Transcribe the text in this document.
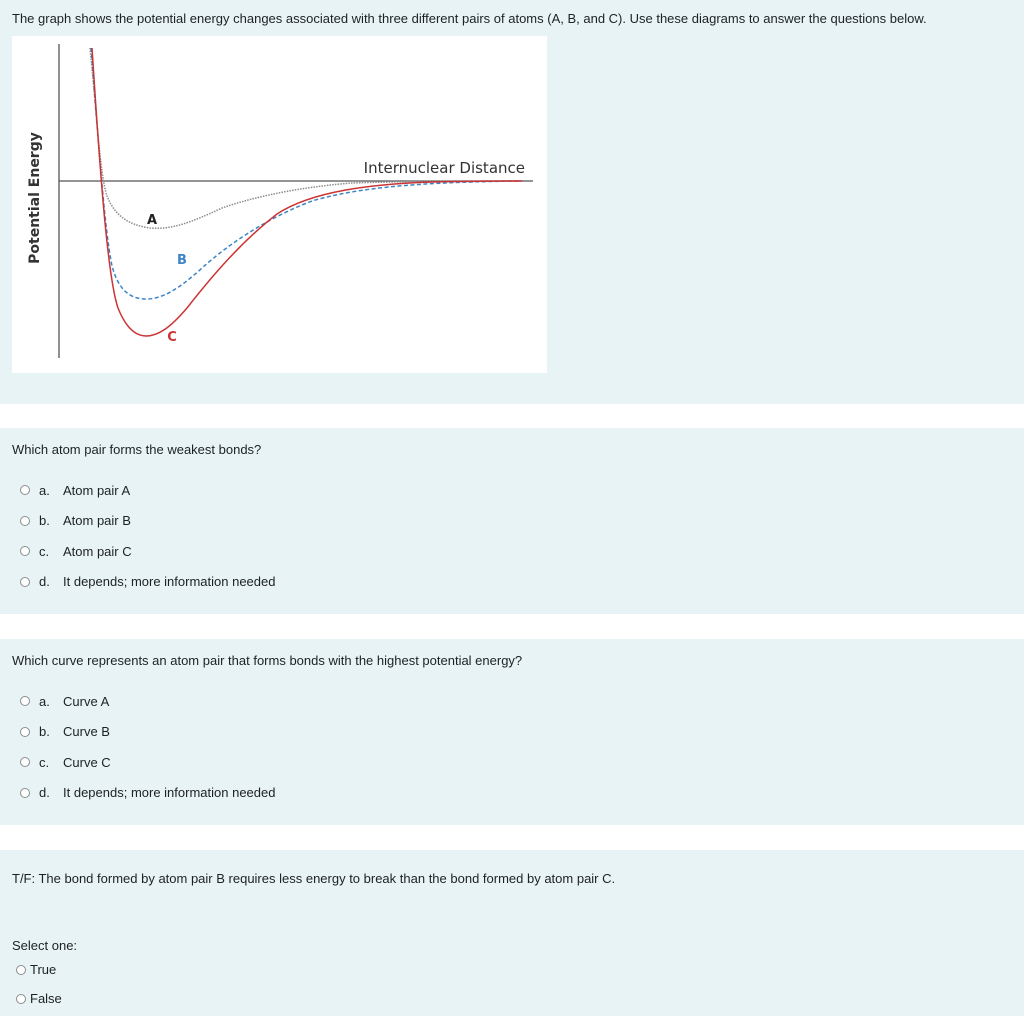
The graph shows the potential energy changes associated with three different pairs of atoms (A, B, and C). Use these diagrams to answer the questions below.

Internuclear Distance
Potential Energy	A
B
C

Which atom pair forms the weakest bonds?

a.	Atom pair A
b.	Atom pair B
c.	Atom pair C
d.	It depends; more information needed

Which curve represents an atom pair that forms bonds with the highest potential energy?

a.	Curve A
b.	Curve B
c.	Curve C
d.	It depends; more information needed

T/F: The bond formed by atom pair B requires less energy to break than the bond formed by atom pair C.

Select one:

True
False
